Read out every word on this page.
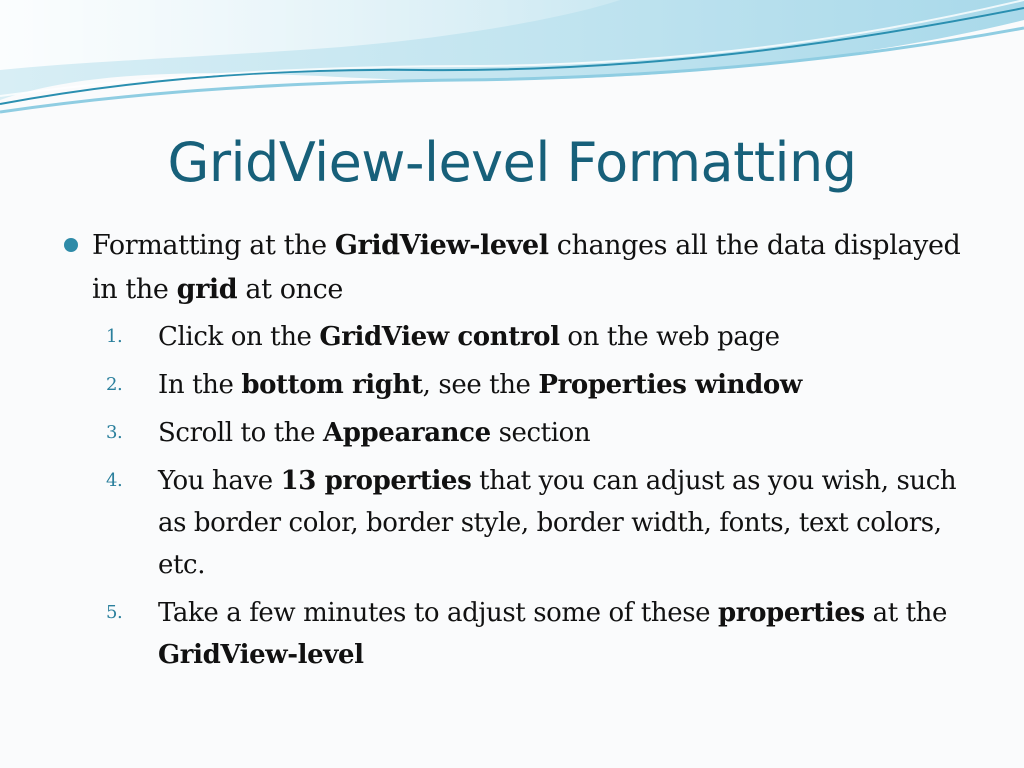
GridView-level Formatting

Formatting at the GridView-level changes all the data displayed in the grid at once

1. Click on the GridView control on the web page
2. In the bottom right, see the Properties window
3. Scroll to the Appearance section
4. You have 13 properties that you can adjust as you wish, such as border color, border style, border width, fonts, text colors, etc.
5. Take a few minutes to adjust some of these properties at the GridView-level
